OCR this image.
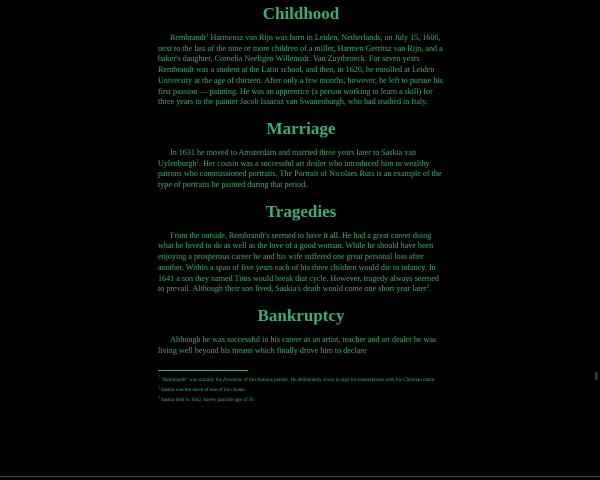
Childhood

Rembrandt$^1$ Harmensz van Rijn was born in Leiden, Netherlands, on July 15, 1606, next to the last of the nine or more children of a miller, Harmen Gerritsz van Rijn, and a baker's daughter, Cornelia Neeltgen Willemsdr. Van Zuytbroeck. For seven years Rembrandt was a student at the Latin school, and then, in 1620, he enrolled at Leiden University at the age of thirteen. After only a few months, however, he left to pursue his first passion — painting. He was an apprentice (a person working to learn a skill) for three years to the painter Jacob Isaacsz van Swanenburgh, who had studied in Italy.

Marriage

In 1631 he moved to Amsterdam and married three years later to Saskia van Uylenburgh$^2$. Her cousin was a successful art dealer who introduced him to wealthy patrons who commissioned portraits. The Portrait of Nicolaes Ruts is an example of the type of portraits he painted during that period.

Tragedies

From the outside, Rembrandt's seemed to have it all. He had a great career doing what he loved to do as well as the love of a good woman. While he should have been enjoying a prosperous career he and his wife suffered one great personal loss after another. Within a span of five years each of his three children would die in infancy. In 1641 a son they named Titus would break that cycle. However, tragedy always seemed to prevail. Although their son lived, Saskia's death would come one short year later$^3$.

Bankruptcy

Although he was successful in his career as an artist, teacher and art dealer he was living well beyond his means which finally drove him to declare

$^1$ "Rembrandt" was actually the forename of this famous painter. He deliberately chose to sign his masterpieces with his Christian name.

$^2$ Saskia was the niece of one of his clients.

$^3$ Saskia died in 1642, barely past the age of 30.
